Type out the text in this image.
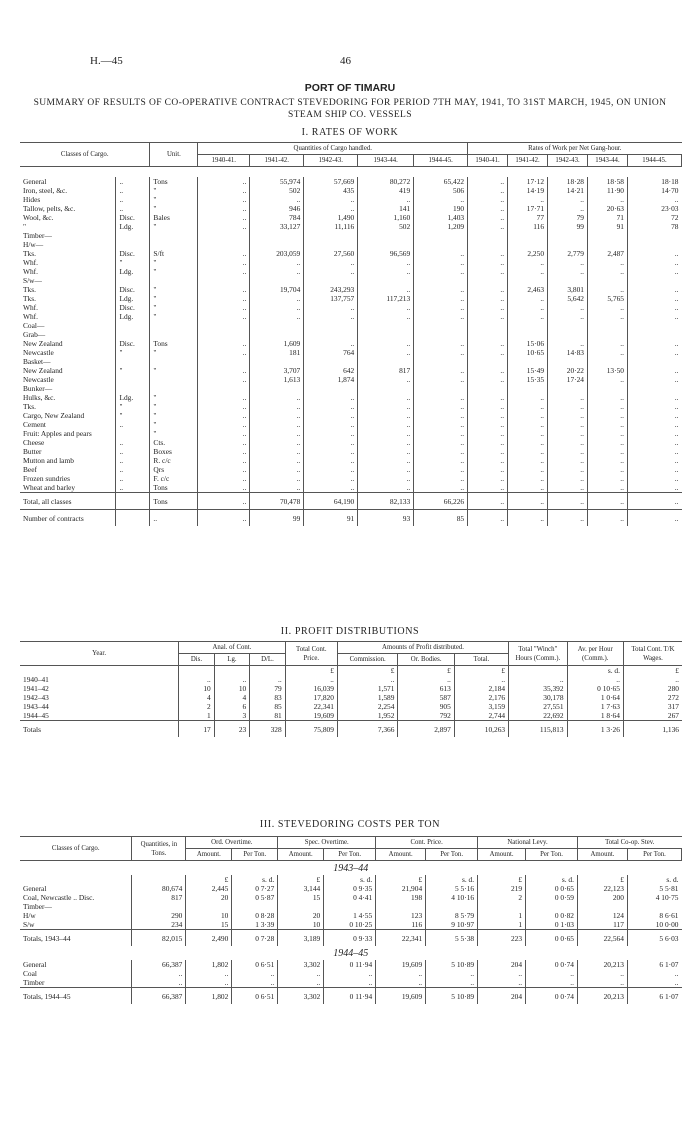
H.—45	46
PORT OF TIMARU
SUMMARY OF RESULTS OF CO-OPERATIVE CONTRACT STEVEDORING FOR PERIOD 7TH MAY, 1941, TO 31ST MARCH, 1945, ON UNION STEAM SHIP CO. VESSELS
I. RATES OF WORK
Classes of Cargo.		Unit.	Quantities of Cargo handled.					Rates of Work per Net Gang-hour.				
			1940-41.	1941-42.	1942-43.	1943-44.	1944-45.	1940-41.	1941-42.	1942-43.	1943-44.	1944-45.

General	..	Tons	..	55,974	57,669	80,272	65,422	..	17·12	18·28	18·58	18·18
Iron, steel, &c.	..	"	..	502	435	419	506	..	14·19	14·21	11·90	14·70
Hides	..	"	..	..	..	..	..	..	..	..	..	..
Tallow, pelts, &c.	..	"	..	946	..	141	190	..	17·71	..	20·63	23·03
Wool, &c.	Disc.	Bales	..	784	1,490	1,160	1,403	..	77	79	71	72
"	Ldg.	"	..	33,127	11,116	502	1,209	..	116	99	91	78
Timber—												
H/w—												
Tks.	Disc.	S/ft	..	203,059	27,560	96,569	..	..	2,250	2,779	2,487	..
Whf.	"	"	..	..	..	..	..	..	..	..	..	..
Whf.	Ldg.	"	..	..	..	..	..	..	..	..	..	..
S/w—												
Tks.	Disc.	"	..	19,704	243,293	..	..	..	2,463	3,801	..	..
Tks.	Ldg.	"	..	..	137,757	117,213	..	..	..	5,642	5,765	..
Whf.	Disc.	"	..	..	..	..	..	..	..	..	..	..
Whf.	Ldg.	"	..	..	..	..	..	..	..	..	..	..
Coal—												
Grab—												
New Zealand	Disc.	Tons	..	1,609	..	..	..	..	15·06	..	..	..
Newcastle	"	"	..	181	764	..	..	..	10·65	14·83	..	..
Basket—												
New Zealand	"	"	..	3,707	642	817	..	..	15·49	20·22	13·50	..
Newcastle			..	1,613	1,874	..	..	..	15·35	17·24	..	..
Bunker—												
Hulks, &c.	Ldg.	"	..	..	..	..	..	..	..	..	..	..
Tks.	"	"	..	..	..	..	..	..	..	..	..	..
Cargo, New Zealand	"	"	..	..	..	..	..	..	..	..	..	..
Cement	..	"	..	..	..	..	..	..	..	..	..	..
Fruit: Apples and pears		"	..	..	..	..	..	..	..	..	..	..
Cheese	..	Cts.	..	..	..	..	..	..	..	..	..	..
Butter	..	Boxes	..	..	..	..	..	..	..	..	..	..
Mutton and lamb	..	R. c/c	..	..	..	..	..	..	..	..	..	..
Beef	..	Qrs	..	..	..	..	..	..	..	..	..	..
Frozen sundries	..	F. c/c	..	..	..	..	..	..	..	..	..	..
Wheat and barley	..	Tons	..	..	..	..	..	..	..	..	..	..
Total, all classes		Tons	..	70,478	64,190	82,133	66,226	..	..	..	..	..
Number of contracts		..	..	99	91	93	85	..	..	..	..	..
II. PROFIT DISTRIBUTIONS
Year.	Anal. of Cont.			Total Cont. Price.	Amounts of Profit distributed.			Total "Winch" Hours (Comm.).	Av. per Hour (Comm.).	Total Cont. T/K Wages.
	Dis.	Lg.	D/L.		Commission.	Or. Bodies.	Total.			
				£	£	£	£		s. d.	£
1940–41	..	..	..	..	..	..	..	..	..	..
1941–42	10	10	79	16,039	1,571	613	2,184	35,392	0 10·65	280
1942–43	4	4	83	17,820	1,589	587	2,176	30,178	1 0·64	272
1943–44	2	6	85	22,341	2,254	905	3,159	27,551	1 7·63	317
1944–45	1	3	81	19,609	1,952	792	2,744	22,692	1 8·64	267
Totals	17	23	328	75,809	7,366	2,897	10,263	115,813	1 3·26	1,136
III. STEVEDORING COSTS PER TON
Classes of Cargo.	Quantities, in Tons.	Ord. Overtime.		Spec. Overtime.		Cont. Price.		National Levy.		Total Co-op. Stev.	
		Amount.	Per Ton.	Amount.	Per Ton.	Amount.	Per Ton.	Amount.	Per Ton.	Amount.	Per Ton.
1943–44											
		£	s. d.	£	s. d.	£	s. d.	£	s. d.	£	s. d.
General	80,674	2,445	0 7·27	3,144	0 9·35	21,904	5 5·16	219	0 0·65	22,123	5 5·81
Coal, Newcastle .. Disc.	817	20	0 5·87	15	0 4·41	198	4 10·16	2	0 0·59	200	4 10·75
Timber—											
H/w	290	10	0 8·28	20	1 4·55	123	8 5·79	1	0 0·82	124	8 6·61
S/w	234	15	1 3·39	10	0 10·25	116	9 10·97	1	0 1·03	117	10 0·00
Totals, 1943–44	82,015	2,490	0 7·28	3,189	0 9·33	22,341	5 5·38	223	0 0·65	22,564	5 6·03
1944–45											
General	66,387	1,802	0 6·51	3,302	0 11·94	19,609	5 10·89	204	0 0·74	20,213	6 1·07
Coal	..	..	..	..	..	..	..	..	..	..	..
Timber	..	..	..	..	..	..	..	..	..	..	..
Totals, 1944–45	66,387	1,802	0 6·51	3,302	0 11·94	19,609	5 10·89	204	0 0·74	20,213	6 1·07
